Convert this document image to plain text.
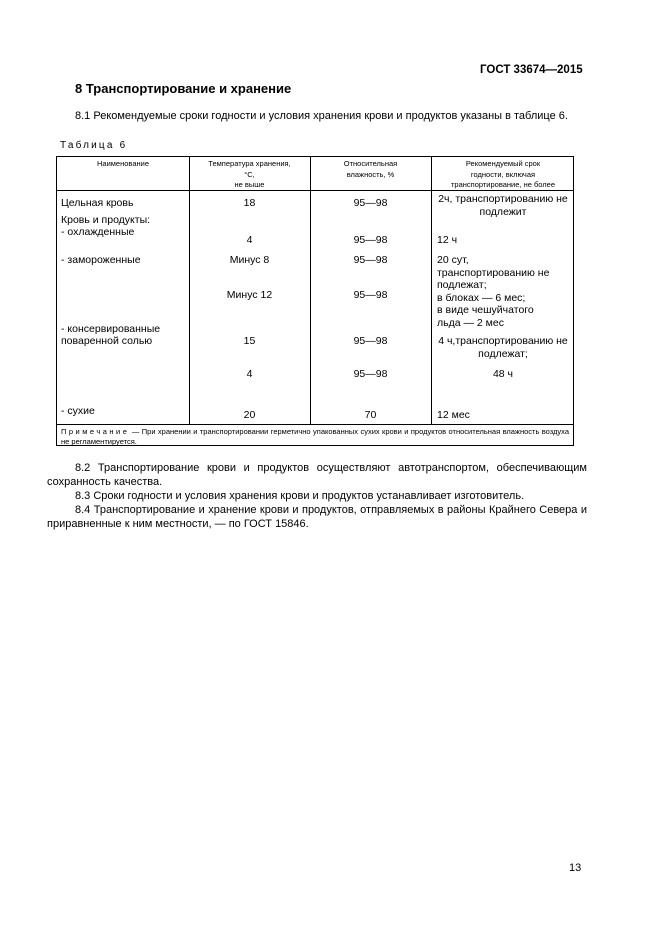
ГОСТ 33674—2015
8 Транспортирование и хранение
8.1 Рекомендуемые сроки годности и условия хранения крови и продуктов указаны в таблице 6.
Таблица 6
Наименование	Температура хранения,
°С,
не выше
Относительная
влажность, %
Рекомендуемый срок
годности, включая
транспортирование, не более
Цельная кровь
Кровь и продукты:
- охлажденные
- замороженные
- консервированные
поваренной солью
- сухие
18
4
Минус 8
Минус 12
15
4
20
95—98
95—98
95—98
95—98
95—98
95—98
70
2ч, транспортированию не
подлежит
12 ч
20 сут,
транспортированию не
подлежат;
в блоках — 6 мес;
в виде чешуйчатого
льда — 2 мес
4 ч,транспортированию не
подлежат;
48 ч
12 мес
Примечание — При хранении и транспортировании герметично упакованных сухих крови и продуктов относительная влажность воздуха не регламентируется.
8.2 Транспортирование крови и продуктов осуществляют автотранспортом, обеспечивающим сохранность качества.
8.3 Сроки годности и условия хранения крови и продуктов устанавливает изготовитель.
8.4 Транспортирование и хранение крови и продуктов, отправляемых в районы Крайнего Севера и приравненные к ним местности, — по ГОСТ 15846.
13
